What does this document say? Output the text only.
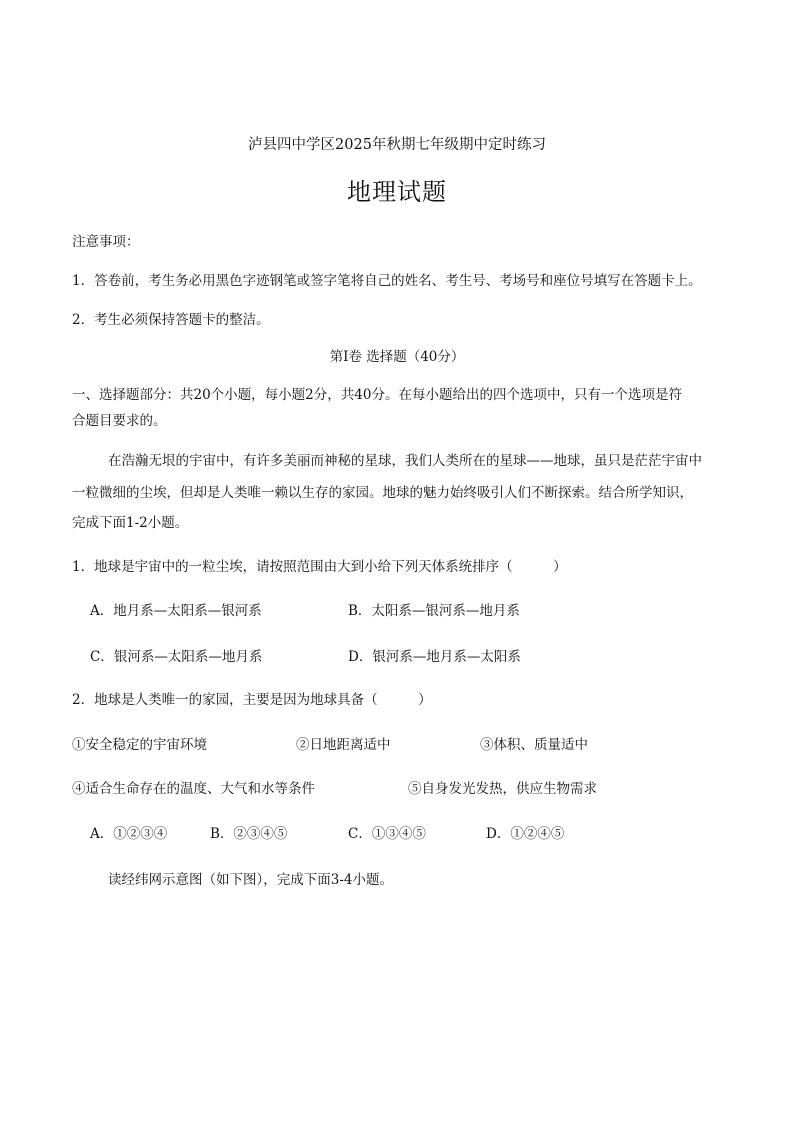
泸县四中学区2025年秋期七年级期中定时练习
地理试题
注意事项：
1．答卷前，考生务必用黑色字迹钢笔或签字笔将自己的姓名、考生号、考场号和座位号填写在答题卡上。
2．考生必须保持答题卡的整洁。
第Ⅰ卷 选择题（40分）
一、选择题部分：共20个小题，每小题2分，共40分。在每小题给出的四个选项中，只有一个选项是符
合题目要求的。
在浩瀚无垠的宇宙中，有许多美丽而神秘的星球，我们人类所在的星球——地球，虽只是茫茫宇宙中
一粒微细的尘埃，但却是人类唯一赖以生存的家园。地球的魅力始终吸引人们不断探索。结合所学知识，
完成下面1-2小题。
1．地球是宇宙中的一粒尘埃，请按照范围由大到小给下列天体系统排序（　　　）
A．地月系—太阳系—银河系	B．太阳系—银河系—地月系
C．银河系—太阳系—地月系	D．银河系—地月系—太阳系
2．地球是人类唯一的家园，主要是因为地球具备（　　　）
①安全稳定的宇宙环境	②日地距离适中	③体积、质量适中
④适合生命存在的温度、大气和水等条件	⑤自身发光发热，供应生物需求
A．①②③④	B．②③④⑤	C．①③④⑤	D．①②④⑤
读经纬网示意图（如下图），完成下面3-4小题。
